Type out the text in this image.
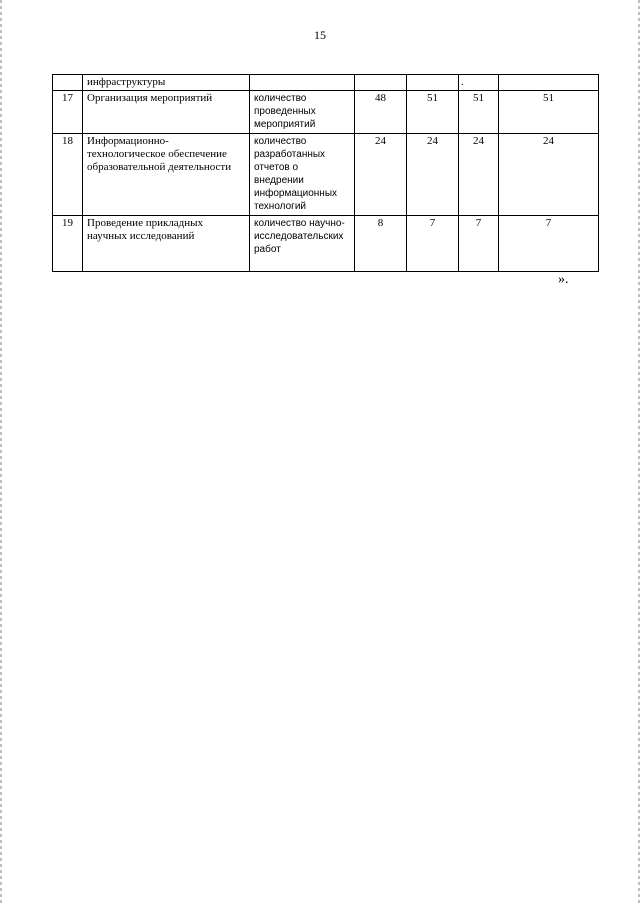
15
	инфраструктуры				.	
17	Организация мероприятий	количество проведенных мероприятий	48	51	51	51
18	Информационно-технологическое обеспечение образовательной деятельности	количество разработанных отчетов о внедрении информационных технологий	24	24	24	24
19	Проведение прикладных научных исследований	количество научно-исследовательских работ	8	7	7	7
».
